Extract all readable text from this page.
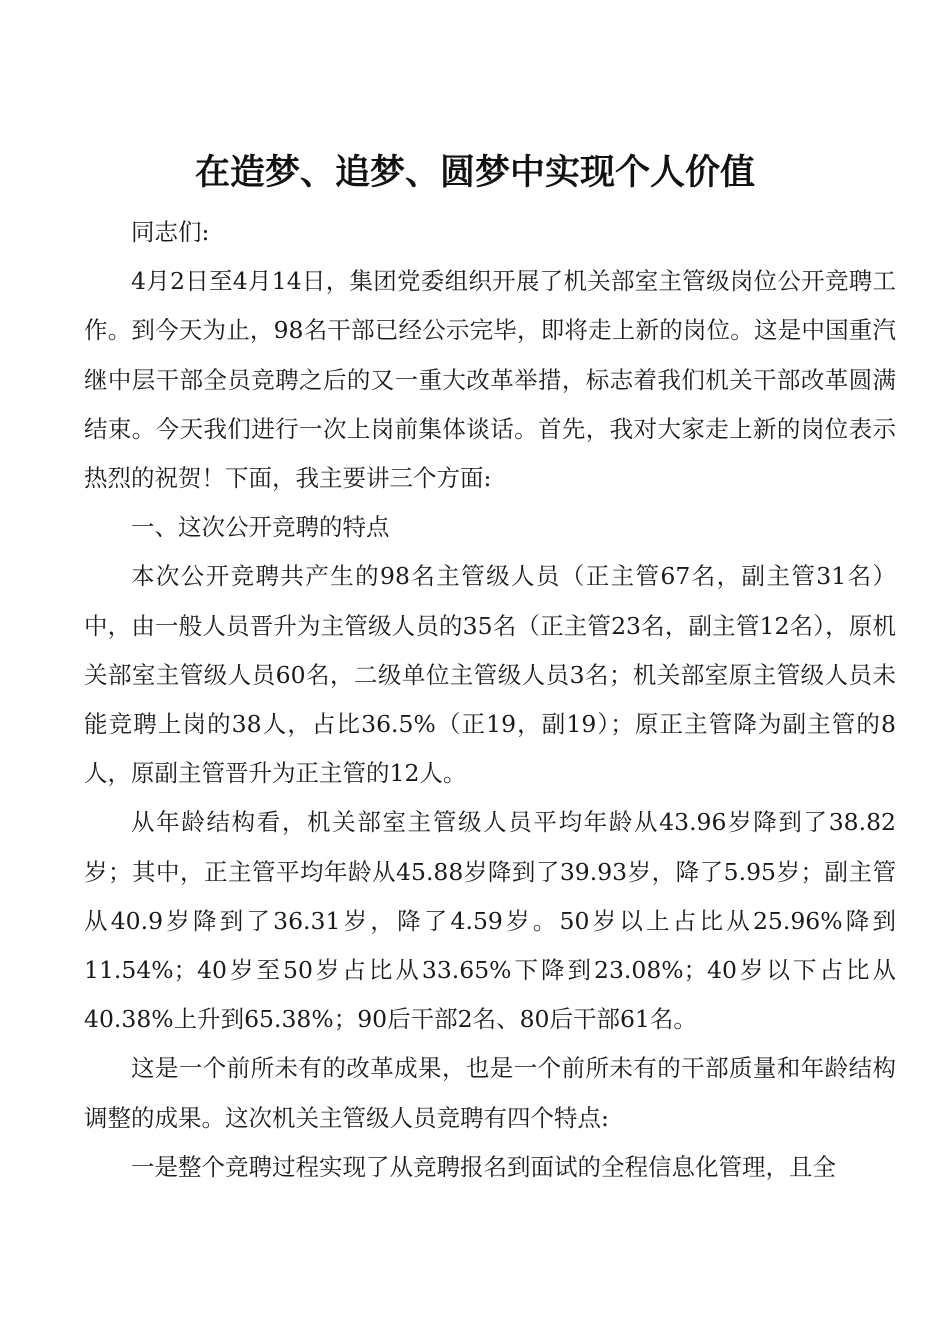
在造梦、追梦、圆梦中实现个人价值

同志们:

4月2日至4月14日，集团党委组织开展了机关部室主管级岗位公开竞聘工作。到今天为止，98名干部已经公示完毕，即将走上新的岗位。这是中国重汽继中层干部全员竞聘之后的又一重大改革举措，标志着我们机关干部改革圆满结束。今天我们进行一次上岗前集体谈话。首先，我对大家走上新的岗位表示热烈的祝贺！下面，我主要讲三个方面:

一、这次公开竞聘的特点

本次公开竞聘共产生的98名主管级人员（正主管67名，副主管31名）中，由一般人员晋升为主管级人员的35名（正主管23名，副主管12名），原机关部室主管级人员60名，二级单位主管级人员3名；机关部室原主管级人员未能竞聘上岗的38人，占比36.5%（正19，副19）；原正主管降为副主管的8人，原副主管晋升为正主管的12人。

从年龄结构看，机关部室主管级人员平均年龄从43.96岁降到了38.82岁；其中，正主管平均年龄从45.88岁降到了39.93岁，降了5.95岁；副主管从40.9岁降到了36.31岁，降了4.59岁。50岁以上占比从25.96%降到11.54%；40岁至50岁占比从33.65%下降到23.08%；40岁以下占比从40.38%上升到65.38%；90后干部2名、80后干部61名。

这是一个前所未有的改革成果，也是一个前所未有的干部质量和年龄结构调整的成果。这次机关主管级人员竞聘有四个特点:

一是整个竞聘过程实现了从竞聘报名到面试的全程信息化管理，且全
